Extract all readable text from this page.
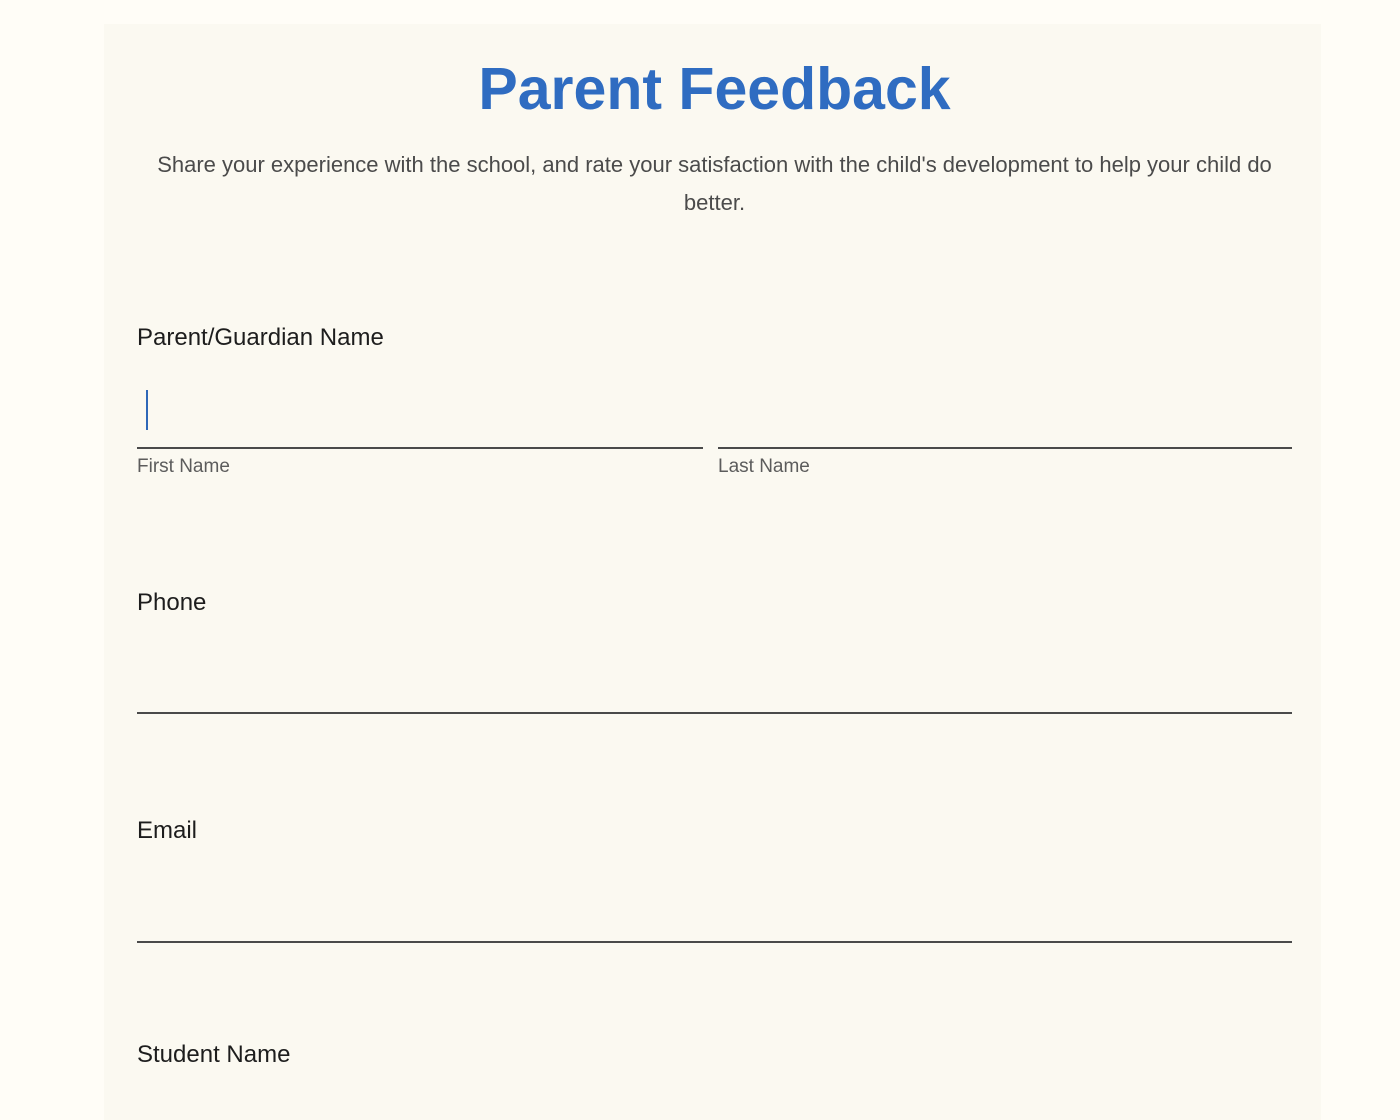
Parent Feedback

Share your experience with the school, and rate your satisfaction with the child's development to help your child do better.

Parent/Guardian Name
First Name	Last Name
Phone
Email
Student Name
